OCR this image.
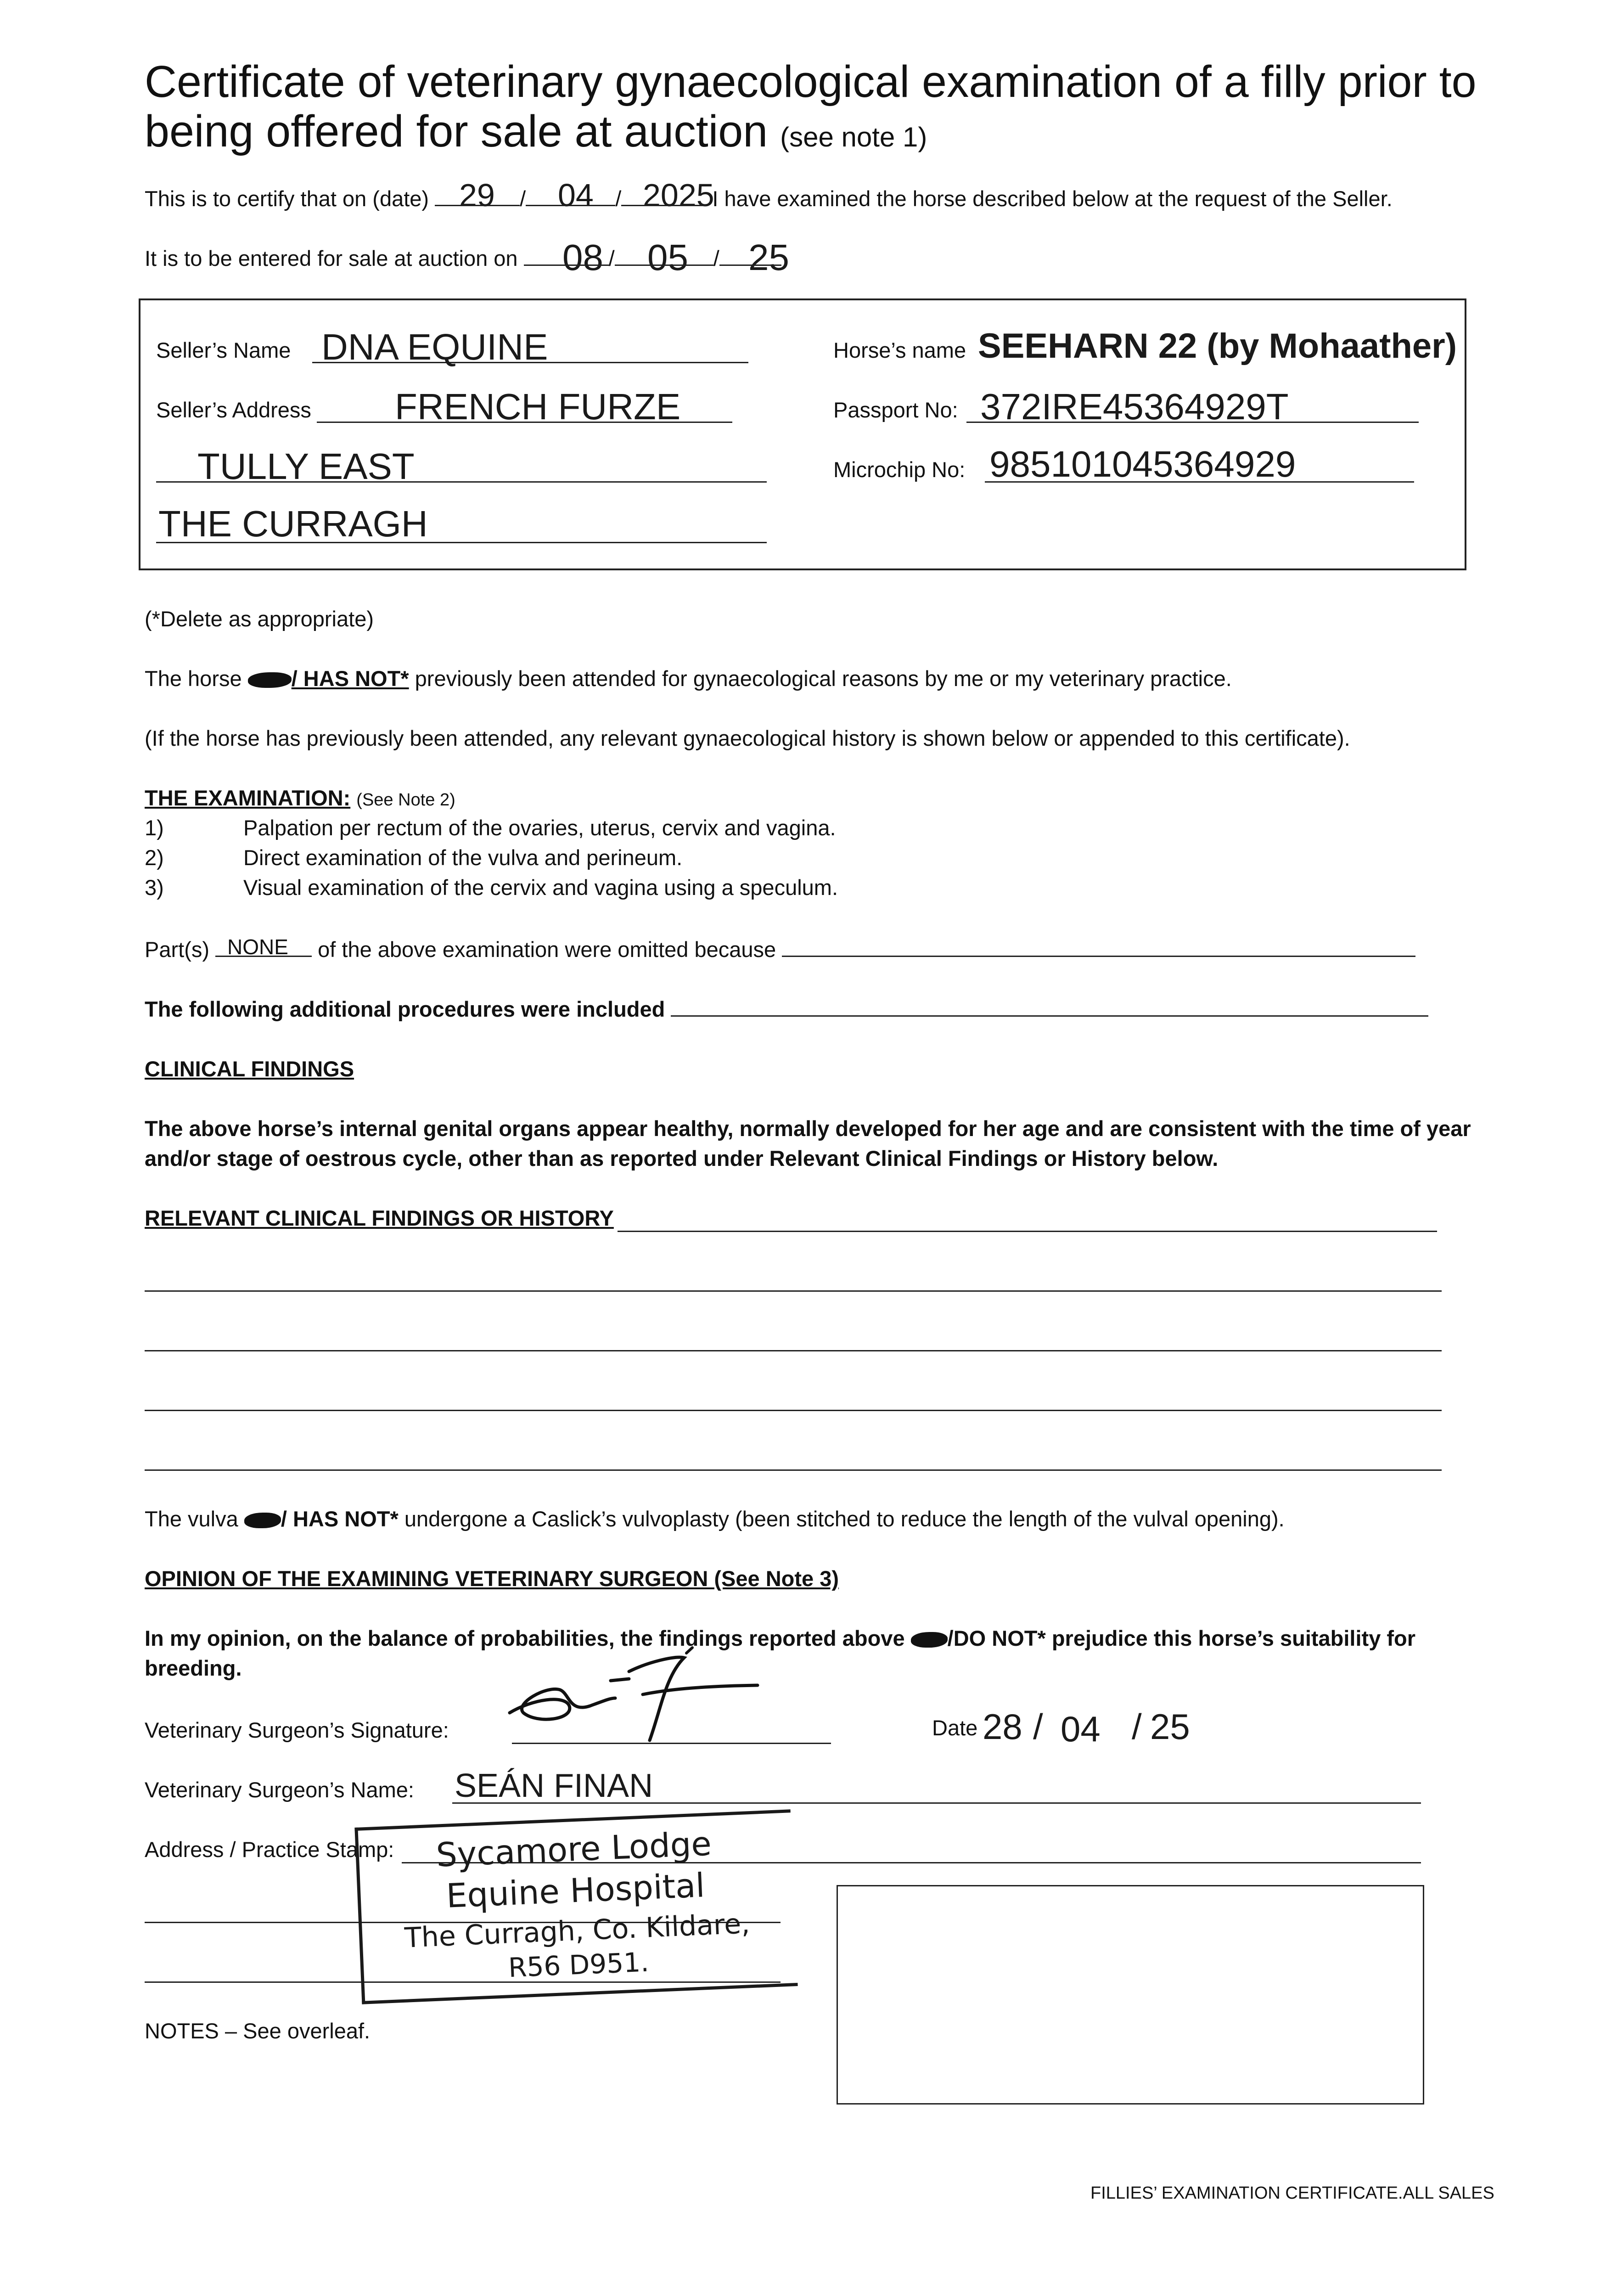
Certificate of veterinary gynaecological examination of a filly prior to
being offered for sale at auction (see note 1)
29 04 2025
This is to certify that on (date)	/	/	I have examined the horse described below at the request of the Seller.
08 05 25
It is to be entered for sale at auction on	/	/
Seller’s Name DNA EQUINE
Seller’s Address FRENCH FURZE
TULLY EAST
THE CURRAGH
Horse’s name SEEHARN 22 (by Mohaather)
Passport No: 372IRE45364929T
Microchip No: 985101045364929
(*Delete as appropriate)
The horse / HAS NOT* previously been attended for gynaecological reasons by me or my veterinary practice.
(If the horse has previously been attended, any relevant gynaecological history is shown below or appended to this certificate).
THE EXAMINATION: (See Note 2)
1)	Palpation per rectum of the ovaries, uterus, cervix and vagina.
2)	Direct examination of the vulva and perineum.
3)	Visual examination of the cervix and vagina using a speculum.
NONE
Part(s)	of the above examination were omitted because
The following additional procedures were included
CLINICAL FINDINGS
The above horse’s internal genital organs appear healthy, normally developed for her age and are consistent with the time of year
and/or stage of oestrous cycle, other than as reported under Relevant Clinical Findings or History below.
RELEVANT CLINICAL FINDINGS OR HISTORY
The vulva / HAS NOT* undergone a Caslick’s vulvoplasty (been stitched to reduce the length of the vulval opening).
OPINION OF THE EXAMINING VETERINARY SURGEON (See Note 3)
In my opinion, on the balance of probabilities, the findings reported above /DO NOT* prejudice this horse’s suitability for
breeding.
Veterinary Surgeon’s Signature:	Date 28 / 04 / 25
Veterinary Surgeon’s Name: SEÁN FINAN
Address / Practice Stamp:	Sycamore Lodge
Equine Hospital
The Curragh, Co. Kildare,
R56 D951.
NOTES – See overleaf.
FILLIES’ EXAMINATION CERTIFICATE.ALL SALES
